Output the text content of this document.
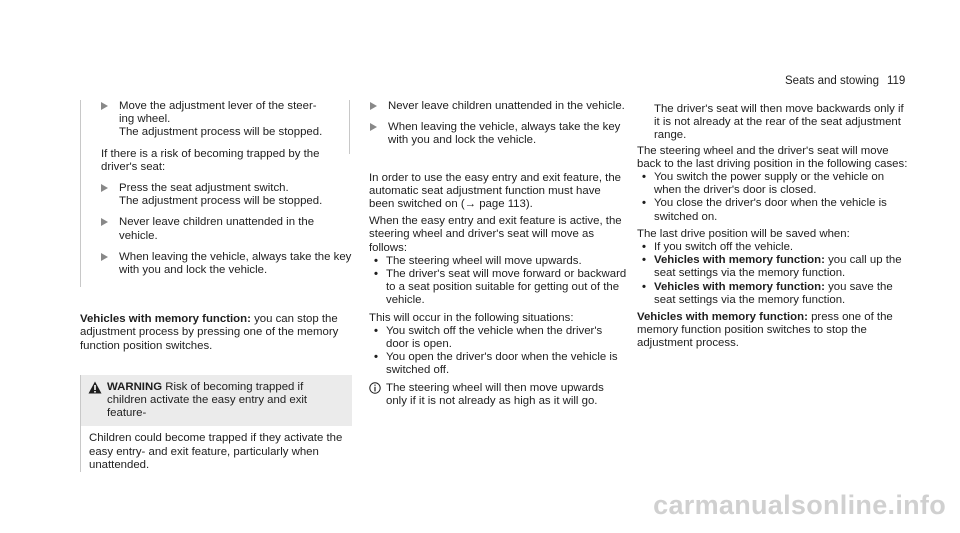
Seats and stowing 119

Move the adjustment lever of the steer-

ing wheel.

The adjustment process will be stopped.

If there is a risk of becoming trapped by the driver's seat:

Press the seat adjustment switch.

The adjustment process will be stopped.

Never leave children unattended in the vehicle.

When leaving the vehicle, always take the key with you and lock the vehicle.

Vehicles with memory function: you can stop the adjustment process by pressing one of the memory function position switches.

WARNING Risk of becoming trapped if children activate the easy entry and exit feature-

Children could become trapped if they activate the easy entry- and exit feature, particularly when unattended.

Never leave children unattended in the vehicle.

When leaving the vehicle, always take the key with you and lock the vehicle.

In order to use the easy entry and exit feature, the automatic seat adjustment function must have been switched on (→ page 113).

When the easy entry and exit feature is active, the steering wheel and driver's seat will move as follows:

• The steering wheel will move upwards.

• The driver's seat will move forward or backward to a seat position suitable for getting out of the vehicle.

This will occur in the following situations:

• You switch off the vehicle when the driver's door is open.

• You open the driver's door when the vehicle is switched off.

The steering wheel will then move upwards only if it is not already as high as it will go.

The driver's seat will then move backwards only if it is not already at the rear of the seat adjustment range.

The steering wheel and the driver's seat will move back to the last driving position in the following cases:

• You switch the power supply or the vehicle on when the driver's door is closed.

• You close the driver's door when the vehicle is switched on.

The last drive position will be saved when:

• If you switch off the vehicle.

• Vehicles with memory function: you call up the seat settings via the memory function.

• Vehicles with memory function: you save the seat settings via the memory function.

Vehicles with memory function: press one of the memory function position switches to stop the adjustment process.

carmanualsonline.info
